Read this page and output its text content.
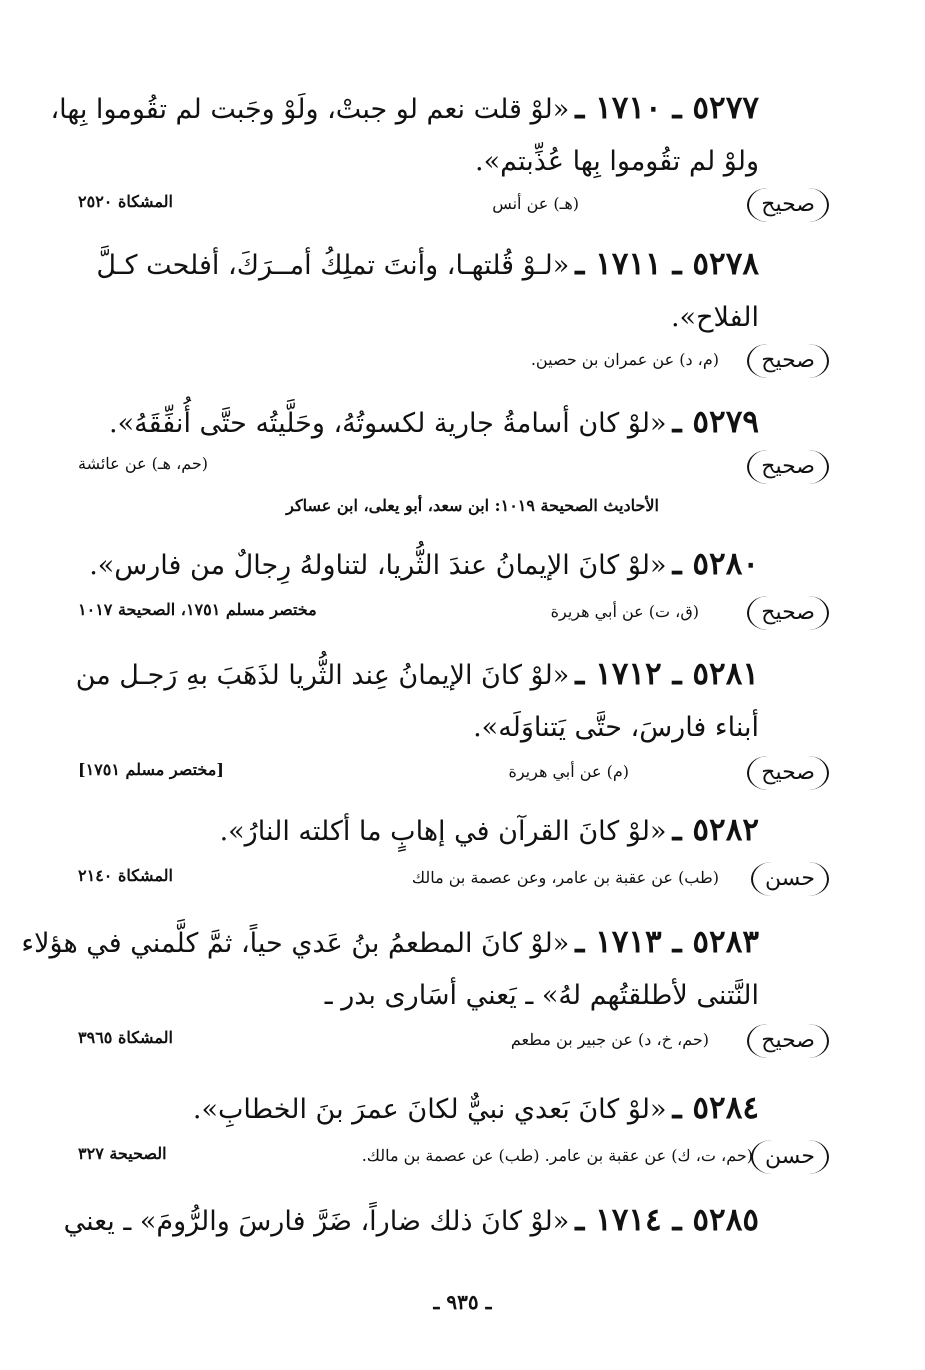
٥٢٧٧ ـ ١٧١٠ ـ«لوْ قلت نعم لو جبتْ، ولَوْ وجَبت لم تقُوموا بِها،
ولوْ لم تقُوموا بِها عُذِّبتم».
صحيح
(هـ) عن أنس
المشكاة ٢٥٢٠
٥٢٧٨ ـ ١٧١١ ـ«لـوْ قُلتهـا، وأنتَ تملِكُ أمــرَكَ، أفلحت كـلَّ
الفلاح».
صحيح
(م، د) عن عمران بن حصين.
٥٢٧٩ ـ«لوْ كان أسامةُ جارية لكسوتُهُ، وحَلَّيتُه حتَّى أُنفِّقَهُ».
صحيح
(حم، هـ) عن عائشة
الأحاديث الصحيحة ١٠١٩: ابن سعد، أبو يعلى، ابن عساكر
٥٢٨٠ ـ«لوْ كانَ الإيمانُ عندَ الثُّريا، لتناولهُ رِجالٌ من فارس».
صحيح
(ق، ت) عن أبي هريرة
مختصر مسلم ١٧٥١، الصحيحة ١٠١٧
٥٢٨١ ـ ١٧١٢ ـ«لوْ كانَ الإيمانُ عِند الثُّريا لذَهَبَ بهِ رَجـل من
أبناء فارسَ، حتَّى يَتناوَلَه».
صحيح
(م) عن أبي هريرة
[مختصر مسلم ١٧٥١]
٥٢٨٢ ـ«لوْ كانَ القرآن في إهابٍ ما أكلته النارُ».
حسن
(طب) عن عقبة بن عامر، وعن عصمة بن مالك
المشكاة ٢١٤٠
٥٢٨٣ ـ ١٧١٣ ـ«لوْ كانَ المطعمُ بنُ عَدي حياً، ثمَّ كلَّمني في هؤلاء
النَّتنى لأطلقتُهم لهُ» ـ يَعني أسَارى بدر ـ
صحيح
(حم، خ، د) عن جبير بن مطعم
المشكاة ٣٩٦٥
٥٢٨٤ ـ«لوْ كانَ بَعدي نبيٌّ لكانَ عمرَ بنَ الخطابِ».
حسن
(حم، ت، ك) عن عقبة بن عامر. (طب) عن عصمة بن مالك.
الصحيحة ٣٢٧
٥٢٨٥ ـ ١٧١٤ ـ«لوْ كانَ ذلك ضاراً، ضَرَّ فارسَ والرُّومَ» ـ يعني
ـ ٩٣٥ ـ
